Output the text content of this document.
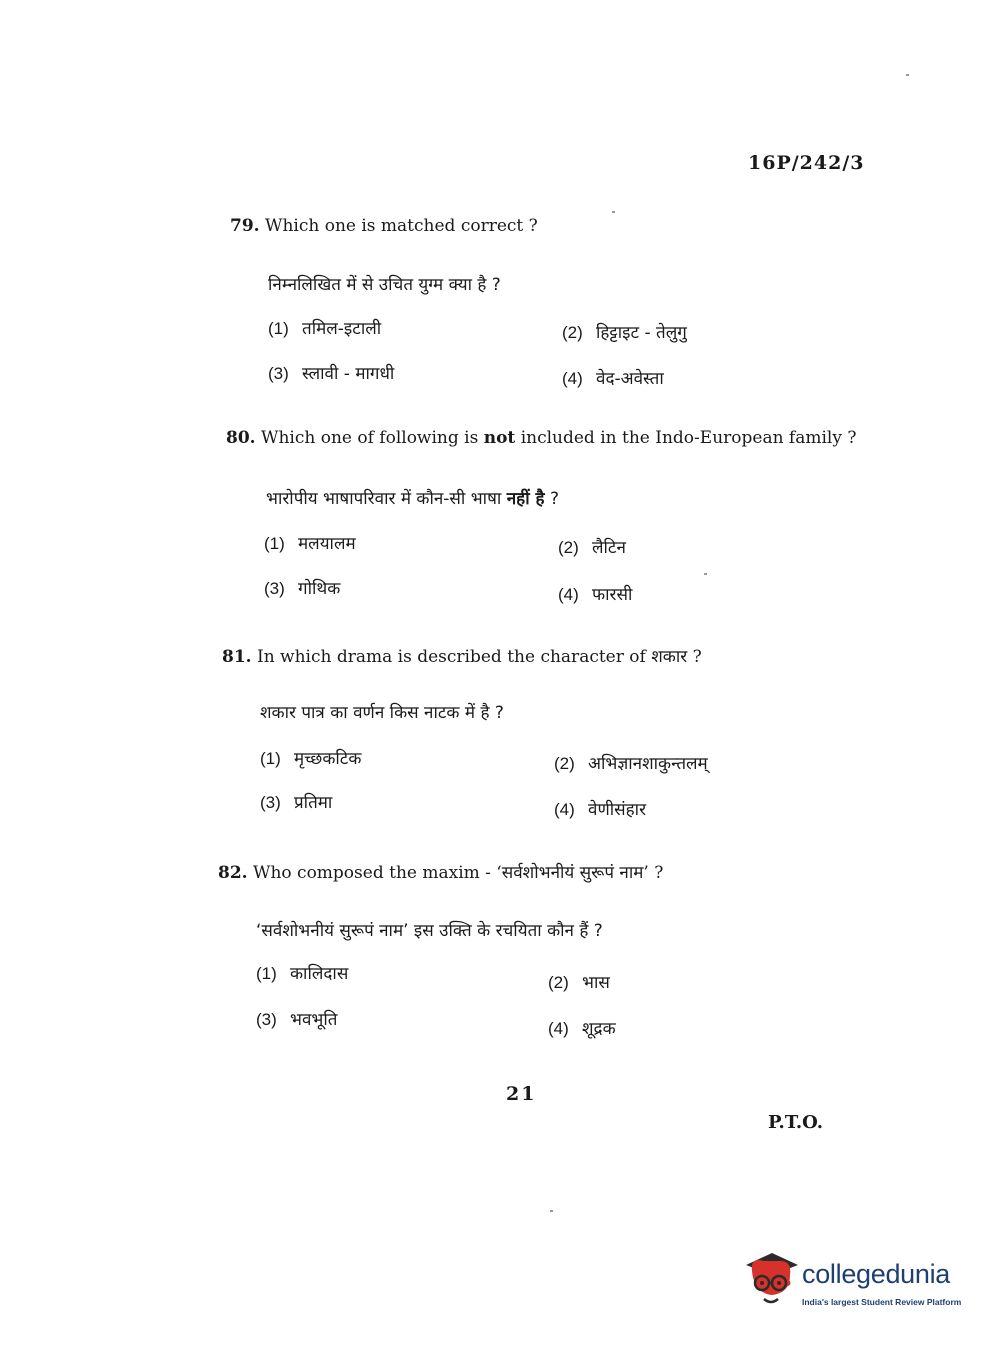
16P/242/3
79. Which one is matched correct ?
निम्नलिखित में से उचित युग्म क्या है ?
(1) तमिल-इटाली	(2) हिट्टाइट - तेलुगु
(3) स्लावी - मागधी	(4) वेद-अवेस्ता
80. Which one of following is not included in the Indo-European family ?
भारोपीय भाषापरिवार में कौन-सी भाषा नहीं है ?
(1) मलयालम	(2) लैटिन
(3) गोथिक	(4) फारसी
81. In which drama is described the character of शकार ?
शकार पात्र का वर्णन किस नाटक में है ?
(1) मृच्छकटिक	(2) अभिज्ञानशाकुन्तलम्
(3) प्रतिमा	(4) वेणीसंहार
82. Who composed the maxim - ‘सर्वशोभनीयं सुरूपं नाम’ ?
‘सर्वशोभनीयं सुरूपं नाम’ इस उक्ति के रचयिता कौन हैं ?
(1) कालिदास	(2) भास
(3) भवभूति	(4) शूद्रक
21
P.T.O.
collegedunia
India's largest Student Review Platform
